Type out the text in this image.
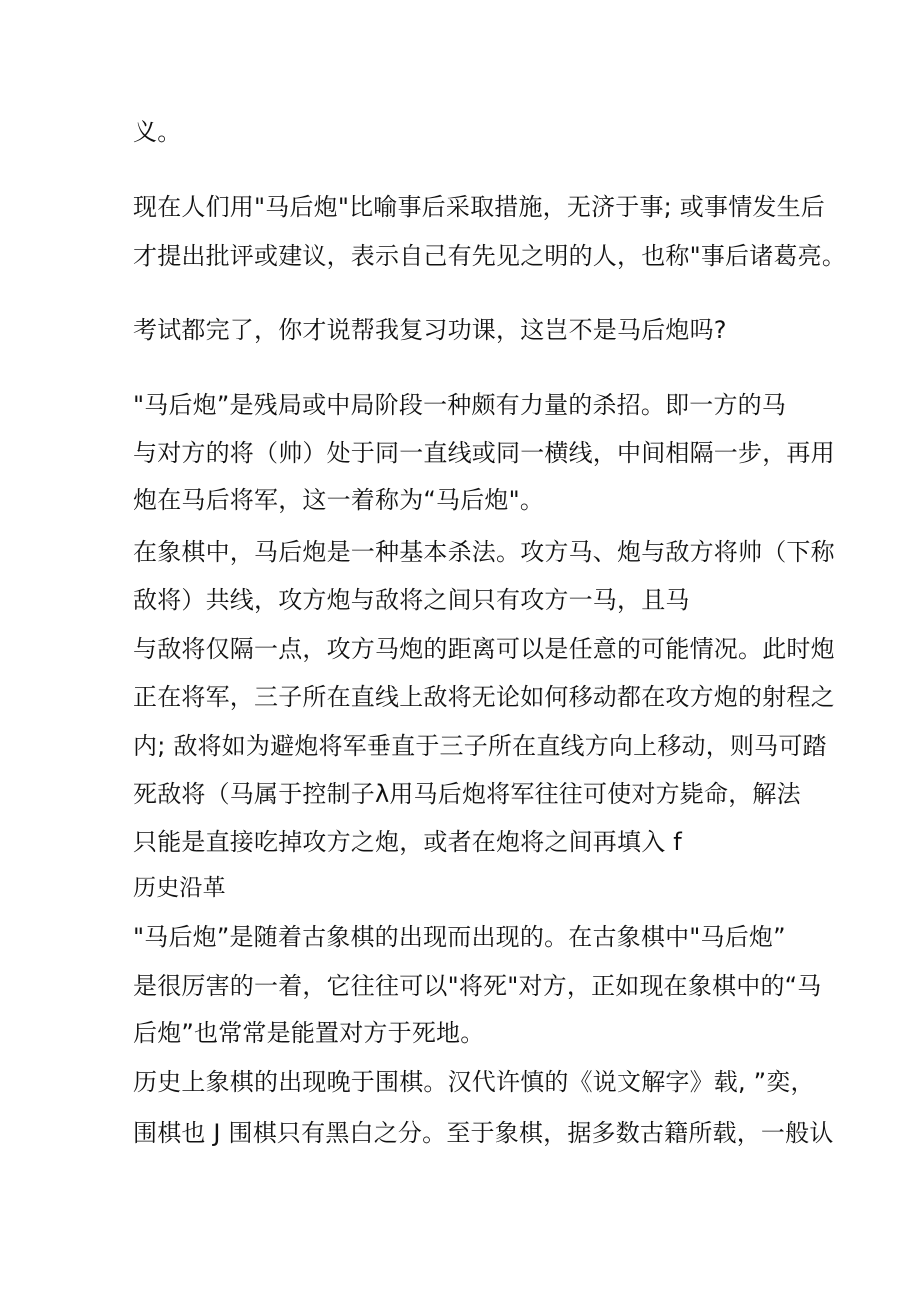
义。
现在人们用"马后炮"比喻事后采取措施，无济于事; 或事情发生后
才提出批评或建议，表示自己有先见之明的人，也称"事后诸葛亮。
考试都完了，你才说帮我复习功课，这岂不是马后炮吗?
"马后炮”是残局或中局阶段一种颇有力量的杀招。即一方的马
与对方的将（帅）处于同一直线或同一横线，中间相隔一步，再用
炮在马后将军，这一着称为“马后炮"。
在象棋中，马后炮是一种基本杀法。攻方马、炮与敌方将帅（下称
敌将）共线，攻方炮与敌将之间只有攻方一马，且马
与敌将仅隔一点，攻方马炮的距离可以是任意的可能情况。此时炮
正在将军，三子所在直线上敌将无论如何移动都在攻方炮的射程之
内; 敌将如为避炮将军垂直于三子所在直线方向上移动，则马可踏
死敌将（马属于控制子λ用马后炮将军往往可使对方毙命，解法
只能是直接吃掉攻方之炮，或者在炮将之间再填入 f
历史沿革
"马后炮”是随着古象棋的出现而出现的。在古象棋中"马后炮”
是很厉害的一着，它往往可以"将死"对方，正如现在象棋中的“马
后炮”也常常是能置对方于死地。
历史上象棋的出现晚于围棋。汉代许慎的《说文解字》载, ”奕，
围棋也 J 围棋只有黑白之分。至于象棋，据多数古籍所载，一般认
